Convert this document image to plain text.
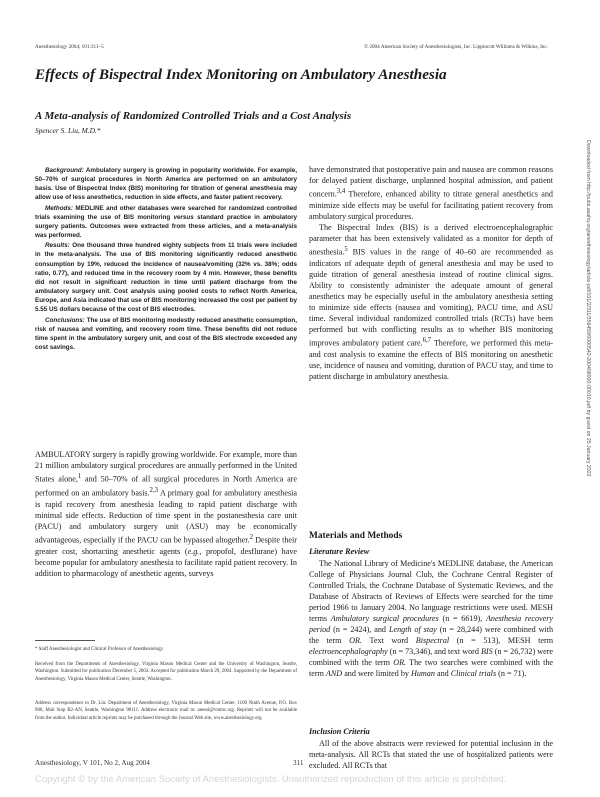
Anesthesiology 2004; 101:311–5	© 2004 American Society of Anesthesiologists, Inc. Lippincott Williams & Wilkins, Inc.
Effects of Bispectral Index Monitoring on Ambulatory Anesthesia
A Meta-analysis of Randomized Controlled Trials and a Cost Analysis
Spencer S. Liu, M.D.*

Background: Ambulatory surgery is growing in popularity worldwide. For example, 50–70% of surgical procedures in North America are performed on an ambulatory basis. Use of Bispectral Index (BIS) monitoring for titration of general anesthesia may allow use of less anesthetics, reduction in side effects, and faster patient recovery.

Methods: MEDLINE and other databases were searched for randomized controlled trials examining the use of BIS monitoring versus standard practice in ambulatory surgery patients. Outcomes were extracted from these articles, and a meta-analysis was performed.

Results: One thousand three hundred eighty subjects from 11 trials were included in the meta-analysis. The use of BIS monitoring significantly reduced anesthetic consumption by 19%, reduced the incidence of nausea/vomiting (32% vs. 38%; odds ratio, 0.77), and reduced time in the recovery room by 4 min. However, these benefits did not result in significant reduction in time until patient discharge from the ambulatory surgery unit. Cost analysis using pooled costs to reflect North America, Europe, and Asia indicated that use of BIS monitoring increased the cost per patient by 5.55 US dollars because of the cost of BIS electrodes.

Conclusions: The use of BIS monitoring modestly reduced anesthetic consumption, risk of nausea and vomiting, and recovery room time. These benefits did not reduce time spent in the ambulatory surgery unit, and cost of the BIS electrode exceeded any cost savings.

AMBULATORY surgery is rapidly growing worldwide. For example, more than 21 million ambulatory surgical procedures are annually performed in the United States alone,$^1$ and 50–70% of all surgical procedures in North America are performed on an ambulatory basis.$^{2,3}$ A primary goal for ambulatory anesthesia is rapid recovery from anesthesia leading to rapid patient discharge with minimal side effects. Reduction of time spent in the postanesthesia care unit (PACU) and ambulatory surgery unit (ASU) may be economically advantageous, especially if the PACU can be bypassed altogether.$^2$ Despite their greater cost, shortacting anesthetic agents (e.g., propofol, desflurane) have become popular for ambulatory anesthesia to facilitate rapid patient recovery. In addition to pharmacology of anesthetic agents, surveys

have demonstrated that postoperative pain and nausea are common reasons for delayed patient discharge, unplanned hospital admission, and patient concern.$^{3,4}$ Therefore, enhanced ability to titrate general anesthetics and minimize side effects may be useful for facilitating patient recovery from ambulatory surgical procedures.

The Bispectral Index (BIS) is a derived electroencephalographic parameter that has been extensively validated as a monitor for depth of anesthesia.$^5$ BIS values in the range of 40–60 are recommended as indicators of adequate depth of general anesthesia and may be used to guide titration of general anesthesia instead of routine clinical signs. Ability to consistently administer the adequate amount of general anesthetics may be especially useful in the ambulatory anesthesia setting to minimize side effects (nausea and vomiting), PACU time, and ASU time. Several individual randomized controlled trials (RCTs) have been performed but with conflicting results as to whether BIS monitoring improves ambulatory patient care.$^{6,7}$ Therefore, we performed this meta- and cost analysis to examine the effects of BIS monitoring on anesthetic use, incidence of nausea and vomiting, duration of PACU stay, and time to patient discharge in ambulatory anesthesia.

Materials and Methods
Literature Review

The National Library of Medicine's MEDLINE database, the American College of Physicians Journal Club, the Cochrane Central Register of Controlled Trials, the Cochrane Database of Systematic Reviews, and the Database of Abstracts of Reviews of Effects were searched for the time period 1966 to January 2004. No language restrictions were used. MESH terms Ambulatory surgical procedures (n = 6619), Anesthesia recovery period (n = 2424), and Length of stay (n = 28,244) were combined with the term OR. Text word Bispectral (n = 513), MESH term electroencephalography (n = 73,346), and text word BIS (n = 26,732) were combined with the term OR. The two searches were combined with the term AND and were limited by Human and Clinical trials (n = 71).

Inclusion Criteria

All of the above abstracts were reviewed for potential inclusion in the meta-analysis. All RCTs that stated the use of hospitalized patients were excluded. All RCTs that

* Staff Anesthesiologist and Clinical Professor of Anesthesiology.

Received from the Departments of Anesthesiology, Virginia Mason Medical Center and the University of Washington, Seattle, Washington. Submitted for publication December 5, 2003. Accepted for publication March 29, 2004. Supported by the Department of Anesthesiology, Virginia Mason Medical Center, Seattle, Washington.

Address correspondence to Dr. Liu: Department of Anesthesiology, Virginia Mason Medical Center, 1100 Ninth Avenue, P.O. Box 900, Mail Stop B2-AN, Seattle, Washington 98111. Address electronic mail to: anessl@vmmc.org. Reprints will not be available from the author. Individual article reprints may be purchased through the Journal Web site, www.anesthesiology.org.

Anesthesiology, V 101, No 2, Aug 2004	311
Copyright © by the American Society of Anesthesiologists. Unauthorized reproduction of this article is prohibited.
Downloaded from http://pubs.asahq.org/anesthesiology/article-pdf/101/2/311/356459/0000542-200408000-00010.pdf by guest on 25 January 2022
